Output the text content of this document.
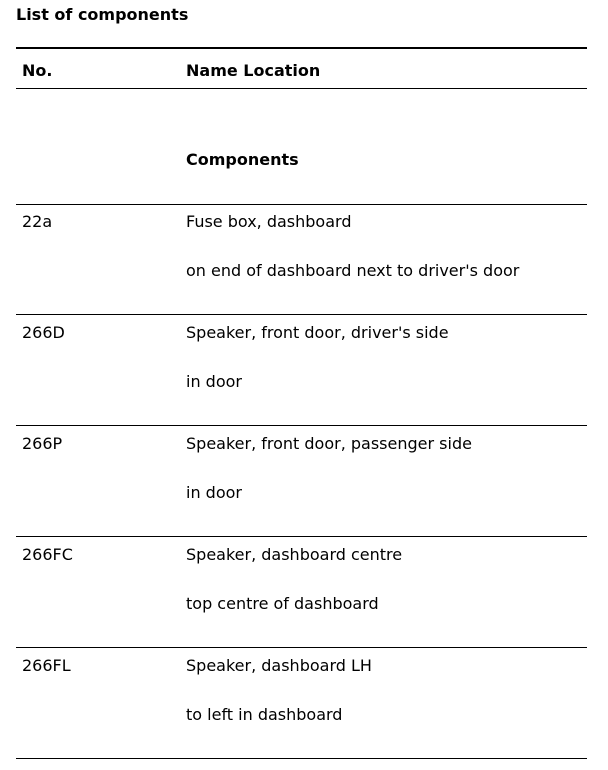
List of components
No.	Name Location
Components
22a	Fuse box, dashboard
on end of dashboard next to driver's door
266D	Speaker, front door, driver's side
in door
266P	Speaker, front door, passenger side
in door
266FC	Speaker, dashboard centre
top centre of dashboard
266FL	Speaker, dashboard LH
to left in dashboard
